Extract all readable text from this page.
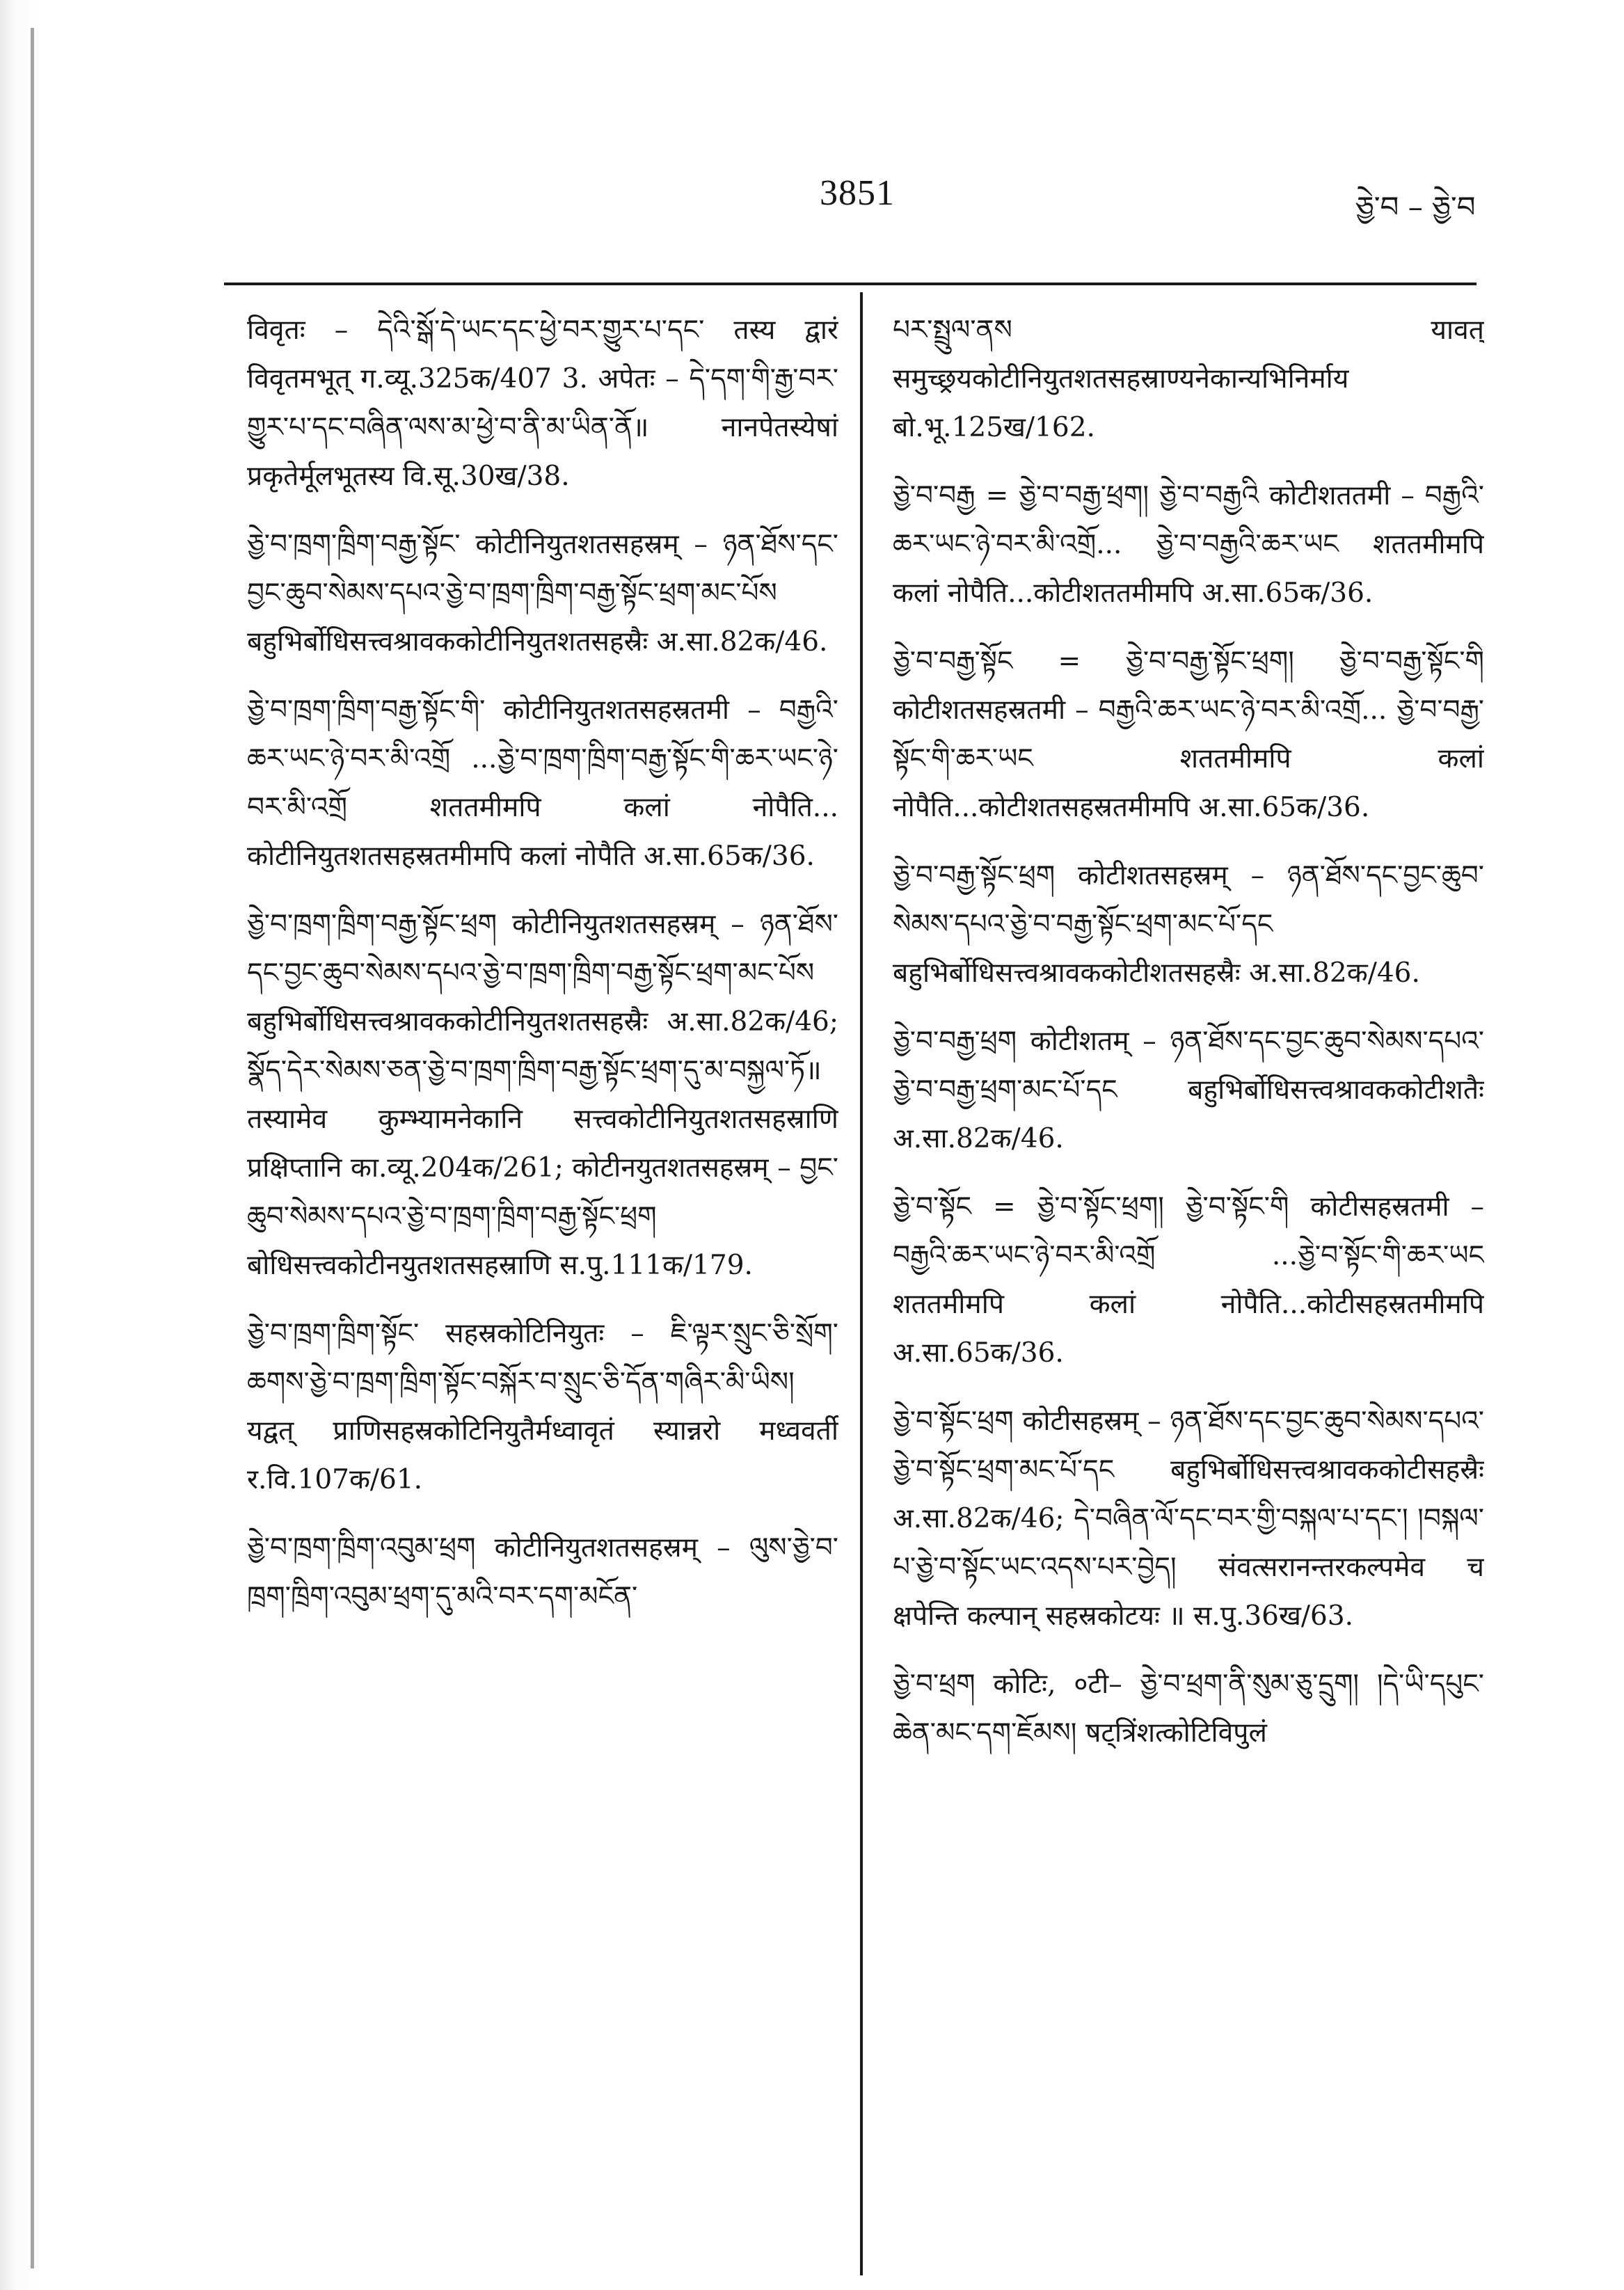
3851	ཅྱེ་བ – ཅྱེ་བ

विवृतः – དེའི་སྒོ་དེ་ཡང་དང་ཕྱེ་བར་གྱུར་པ་དང་ तस्य द्वारं विवृतमभूत् ग.व्यू.325क/407 3. अपेतः – དེ་དག་གི་རྒྱ་བར་གྱུར་པ་དང་བཞིན་ལས་མ་ཕྱེ་བ་ནི་མ་ཡིན་ནོ॥ नानपेतस्येषां प्रकृतेर्मूलभूतस्य वि.सू.30ख/38.

ཅྱེ་བ་ཁྲག་ཁྲིག་བརྒྱ་སྟོང་ कोटीनियुतशतसहस्रम् – ཉན་ཐོས་དང་བྱང་ཆུབ་སེམས་དཔའ་ཅྱེ་བ་ཁྲག་ཁྲིག་བརྒྱ་སྟོང་ཕྲག་མང་པོས बहुभिर्बोधिसत्त्वश्रावककोटीनियुतशतसहस्रैः अ.सा.82क/46.

ཅྱེ་བ་ཁྲག་ཁྲིག་བརྒྱ་སྟོང་གི་ कोटीनियुतशतसहस्रतमी – བརྒྱའི་ཆར་ཡང་ཉེ་བར་མི་འགྲོ ...ཅྱེ་བ་ཁྲག་ཁྲིག་བརྒྱ་སྟོང་གི་ཆར་ཡང་ཉེ་བར་མི་འགྲོ शततमीमपि कलां नोपैति... कोटीनियुतशतसहस्रतमीमपि कलां नोपैति अ.सा.65क/36.

ཅྱེ་བ་ཁྲག་ཁྲིག་བརྒྱ་སྟོང་ཕྲག कोटीनियुतशतसहस्रम् – ཉན་ཐོས་དང་བྱང་ཆུབ་སེམས་དཔའ་ཅྱེ་བ་ཁྲག་ཁྲིག་བརྒྱ་སྟོང་ཕྲག་མང་པོས बहुभिर्बोधिसत्त्वश्रावककोटीनियुतशतसहस्रैः अ.सा.82क/46; སྣོད་དེར་སེམས་ཅན་ཅྱེ་བ་ཁྲག་ཁྲིག་བརྒྱ་སྟོང་ཕྲག་དུ་མ་བསྐྱལ་ཏོ॥ तस्यामेव कुम्भ्यामनेकानि सत्त्वकोटीनियुतशतसहस्राणि प्रक्षिप्तानि का.व्यू.204क/261; कोटीनयुतशतसहस्रम् – བྱང་ཆུབ་སེམས་དཔའ་ཅྱེ་བ་ཁྲག་ཁྲིག་བརྒྱ་སྟོང་ཕྲག बोधिसत्त्वकोटीनयुतशतसहस्राणि स.पु.111क/179.

ཅྱེ་བ་ཁྲག་ཁྲིག་སྟོང་ सहस्रकोटिनियुतः – ཇི་ལྟར་སྲུང་ཅི་སྲོག་ཆགས་ཅྱེ་བ་ཁྲག་ཁྲིག་སྟོང་བསྐོར་བ་སྲུང་ཅི་དོན་གཞིར་མི་ཡིས། यद्वत् प्राणिसहस्रकोटिनियुतैर्मध्वावृतं स्यान्नरो मध्ववर्ती र.वि.107क/61.

ཅྱེ་བ་ཁྲག་ཁྲིག་འབུམ་ཕྲག कोटीनियुतशतसहस्रम् – ལུས་ཅྱེ་བ་ཁྲག་ཁྲིག་འབུམ་ཕྲག་དུ་མའི་བར་དག་མངོན་

པར་སྤྲུལ་ནས यावत् समुच्छ्रयकोटीनियुतशतसहस्राण्यनेकान्यभिनिर्माय बो.भू.125ख/162.

ཅྱེ་བ་བརྒྱ = ཅྱེ་བ་བརྒྱ་ཕྲག། ཅྱེ་བ་བརྒྱའི कोटीशततमी – བརྒྱའི་ཆར་ཡང་ཉེ་བར་མི་འགྲོ... ཅྱེ་བ་བརྒྱའི་ཆར་ཡང शततमीमपि कलां नोपैति...कोटीशततमीमपि अ.सा.65क/36.

ཅྱེ་བ་བརྒྱ་སྟོང = ཅྱེ་བ་བརྒྱ་སྟོང་ཕྲག། ཅྱེ་བ་བརྒྱ་སྟོང་གི कोटीशतसहस्रतमी – བརྒྱའི་ཆར་ཡང་ཉེ་བར་མི་འགྲོ... ཅྱེ་བ་བརྒྱ་སྟོང་གི་ཆར་ཡང शततमीमपि कलां नोपैति...कोटीशतसहस्रतमीमपि अ.सा.65क/36.

ཅྱེ་བ་བརྒྱ་སྟོང་ཕྲག कोटीशतसहस्रम् – ཉན་ཐོས་དང་བྱང་ཆུབ་སེམས་དཔའ་ཅྱེ་བ་བརྒྱ་སྟོང་ཕྲག་མང་པོ་དང बहुभिर्बोधिसत्त्वश्रावककोटीशतसहस्रैः अ.सा.82क/46.

ཅྱེ་བ་བརྒྱ་ཕྲག कोटीशतम् – ཉན་ཐོས་དང་བྱང་ཆུབ་སེམས་དཔའ་ཅྱེ་བ་བརྒྱ་ཕྲག་མང་པོ་དང बहुभिर्बोधिसत्त्वश्रावककोटीशतैः अ.सा.82क/46.

ཅྱེ་བ་སྟོང = ཅྱེ་བ་སྟོང་ཕྲག། ཅྱེ་བ་སྟོང་གི कोटीसहस्रतमी – བརྒྱའི་ཆར་ཡང་ཉེ་བར་མི་འགྲོ ...ཅྱེ་བ་སྟོང་གི་ཆར་ཡང शततमीमपि कलां नोपैति...कोटीसहस्रतमीमपि अ.सा.65क/36.

ཅྱེ་བ་སྟོང་ཕྲག कोटीसहस्रम् – ཉན་ཐོས་དང་བྱང་ཆུབ་སེམས་དཔའ་ཅྱེ་བ་སྟོང་ཕྲག་མང་པོ་དང बहुभिर्बोधिसत्त्वश्रावककोटीसहस्रैः अ.सा.82क/46; དེ་བཞིན་ལོ་དང་བར་གྱི་བསྐལ་པ་དང་། །བསྐལ་པ་ཅྱེ་བ་སྟོང་ཡང་འདས་པར་བྱེད། संवत्सरानन्तरकल्पमेव च क्षपेन्ति कल्पान् सहस्रकोटयः ॥ स.पु.36ख/63.

ཅྱེ་བ་ཕྲག कोटिः, ०टी– ཅྱེ་བ་ཕྲག་ནི་སུམ་ཅུ་དྲུག། །དེ་ཡི་དཔུང་ཆེན་མང་དག་ཇོམས། षट्त्रिंशत्कोटिविपुलं
